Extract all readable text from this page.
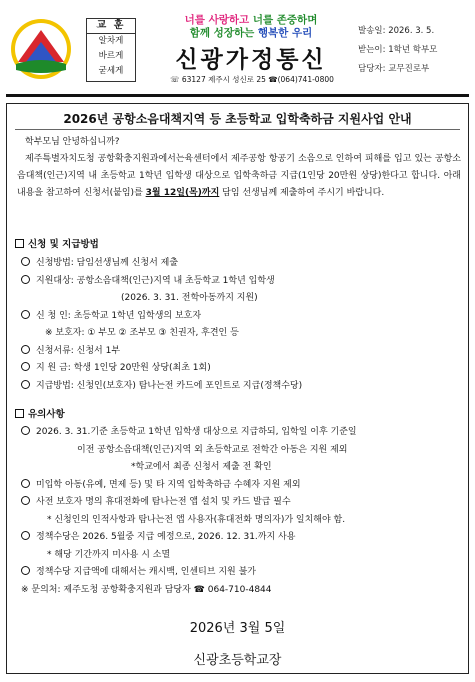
교 훈
알차게
바르게
굳세게
너를 사랑하고 너를 존중하며
함께 성장하는 행복한 우리
신광가정통신
☏ 63127 제주시 성신로 25 ☎(064)741-0800
발송일: 2026. 3. 5.
받는이: 1학년 학부모
담당자: 교무진로부
2026년 공항소음대책지역 등 초등학교 입학축하금 지원사업 안내

학부모님 안녕하십니까?

제주특별자치도청 공항확충지원과에서는육센터에서 제주공항 항공기 소음으로 인하여 피해를 입고 있는 공항소음대책(인근)지역 내 초등학교 1학년 입학생 대상으로 입학축하금 지급(1인당 20만원 상당)한다고 합니다. 아래 내용을 참고하여 신청서(붙임)를 3월 12일(목)까지 담임 선생님께 제출하여 주시기 바랍니다.

신청 및 지급방법
신청방법: 담임선생님께 신청서 제출
지원대상: 공항소음대책(인근)지역 내 초등학교 1학년 입학생
(2026. 3. 31. 전학아동까지 지원)
신 청 인: 초등학교 1학년 입학생의 보호자
※ 보호자: ① 부모 ② 조부모 ③ 친권자, 후견인 등
신청서류: 신청서 1부
지 원 금: 학생 1인당 20만원 상당(최초 1회)
지급방법: 신청인(보호자) 탐나는전 카드에 포인트로 지급(정책수당)
유의사항
2026. 3. 31.기준 초등학교 1학년 입학생 대상으로 지급하되, 입학일 이후 기준일
이전 공항소음대책(인근)지역 외 초등학교로 전학간 아동은 지원 제외
*학교에서 최종 신청서 제출 전 확인
미입학 아동(유예, 면제 등) 및 타 지역 입학축하금 수혜자 지원 제외
사전 보호자 명의 휴대전화에 탐나는전 앱 설치 및 카드 발급 필수
* 신청인의 인적사항과 탐나는전 앱 사용자(휴대전화 명의자)가 일치해야 함.
정책수당은 2026. 5월중 지급 예정으로, 2026. 12. 31.까지 사용
* 해당 기간까지 미사용 시 소멸
정책수당 지급액에 대해서는 캐시백, 인센티브 지원 불가
※ 문의처: 제주도청 공항확충지원과 담당자 ☎ 064-710-4844
2026년 3월 5일
신광초등학교장
